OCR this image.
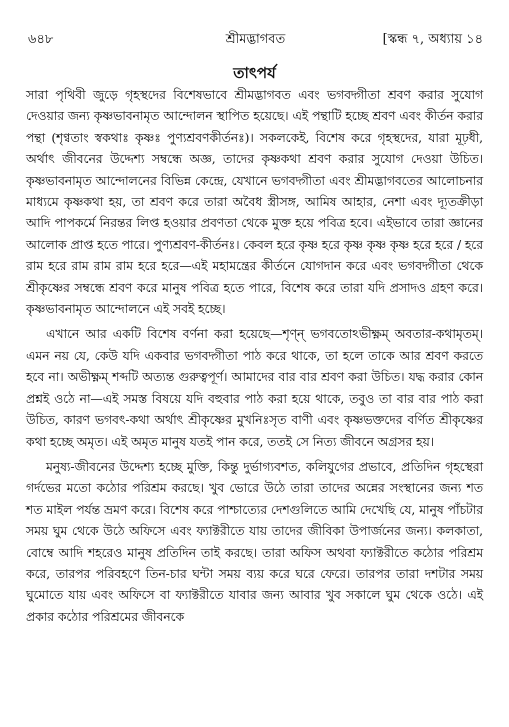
৬৪৮	শ্রীমদ্ভাগবত	[স্কন্ধ ৭, অধ্যায় ১৪
তাৎপর্য

সারা পৃথিবী জুড়ে গৃহস্থদের বিশেষভাবে শ্রীমদ্ভাগবত এবং ভগবদ্গীতা শ্রবণ করার সুযোগ দেওয়ার জন্য কৃষ্ণভাবনামৃত আন্দোলন স্থাপিত হয়েছে। এই পন্থাটি হচ্ছে শ্রবণ এবং কীর্তন করার পন্থা (শৃণ্বতাং স্বকথাঃ কৃষ্ণঃ পুণ্যশ্রবণকীর্তনঃ)। সকলকেই, বিশেষ করে গৃহস্থদের, যারা মূঢ়ধী, অর্থাৎ জীবনের উদ্দেশ্য সম্বন্ধে অজ্ঞ, তাদের কৃষ্ণকথা শ্রবণ করার সুযোগ দেওয়া উচিত। কৃষ্ণভাবনামৃত আন্দোলনের বিভিন্ন কেন্দ্রে, যেখানে ভগবদ্গীতা এবং শ্রীমদ্ভাগবতের আলোচনার মাধ্যমে কৃষ্ণকথা হয়, তা শ্রবণ করে তারা অবৈধ স্ত্রীসঙ্গ, আমিষ আহার, নেশা এবং দ্যূতক্রীড়া আদি পাপকর্মে নিরন্তর লিপ্ত হওয়ার প্রবণতা থেকে মুক্ত হয়ে পবিত্র হবে। এইভাবে তারা জ্ঞানের আলোক প্রাপ্ত হতে পারে। পুণ্যশ্রবণ-কীর্তনঃ। কেবল হরে কৃষ্ণ হরে কৃষ্ণ কৃষ্ণ কৃষ্ণ হরে হরে / হরে রাম হরে রাম রাম রাম হরে হরে—এই মহামন্ত্রের কীর্তনে যোগদান করে এবং ভগবদ্গীতা থেকে শ্রীকৃষ্ণের সম্বন্ধে শ্রবণ করে মানুষ পবিত্র হতে পারে, বিশেষ করে তারা যদি প্রসাদও গ্রহণ করে। কৃষ্ণভাবনামৃত আন্দোলনে এই সবই হচ্ছে।

এখানে আর একটি বিশেষ বর্ণনা করা হয়েছে—শৃণ্ন্ ভগবতোঽভীক্ষ্ণম্ অবতার-কথামৃতম্। এমন নয় যে, কেউ যদি একবার ভগবদ্গীতা পাঠ করে থাকে, তা হলে তাকে আর শ্রবণ করতে হবে না। অভীক্ষ্ণম্ শব্দটি অত্যন্ত গুরুত্বপূর্ণ। আমাদের বার বার শ্রবণ করা উচিত। যদ্ধ করার কোন প্রশ্নই ওঠে না—এই সমস্ত বিষয়ে যদি বহুবার পাঠ করা হয়ে থাকে, তবুও তা বার বার পাঠ করা উচিত, কারণ ভগবৎ-কথা অর্থাৎ শ্রীকৃষ্ণের মুখনিঃসৃত বাণী এবং কৃষ্ণভক্তদের বর্ণিত শ্রীকৃষ্ণের কথা হচ্ছে অমৃত। এই অমৃত মানুষ যতই পান করে, ততই সে নিত্য জীবনে অগ্রসর হয়।

মনুষ্য-জীবনের উদ্দেশ্য হচ্ছে মুক্তি, কিন্তু দুর্ভাগ্যবশত, কলিযুগের প্রভাবে, প্রতিদিন গৃহস্থেরা গর্দভের মতো কঠোর পরিশ্রম করছে। খুব ভোরে উঠে তারা তাদের অন্নের সংস্থানের জন্য শত শত মাইল পর্যন্ত ভ্রমণ করে। বিশেষ করে পাশ্চাত্যের দেশগুলিতে আমি দেখেছি যে, মানুষ পাঁচটার সময় ঘুম থেকে উঠে অফিসে এবং ফ্যাক্টরীতে যায় তাদের জীবিকা উপার্জনের জন্য। কলকাতা, বোম্বে আদি শহরেও মানুষ প্রতিদিন তাই করছে। তারা অফিস অথবা ফ্যাক্টরীতে কঠোর পরিশ্রম করে, তারপর পরিবহণে তিন-চার ঘন্টা সময় ব্যয় করে ঘরে ফেরে। তারপর তারা দশটার সময় ঘুমোতে যায় এবং অফিসে বা ফ্যাক্টরীতে যাবার জন্য আবার খুব সকালে ঘুম থেকে ওঠে। এই প্রকার কঠোর পরিশ্রমের জীবনকে
